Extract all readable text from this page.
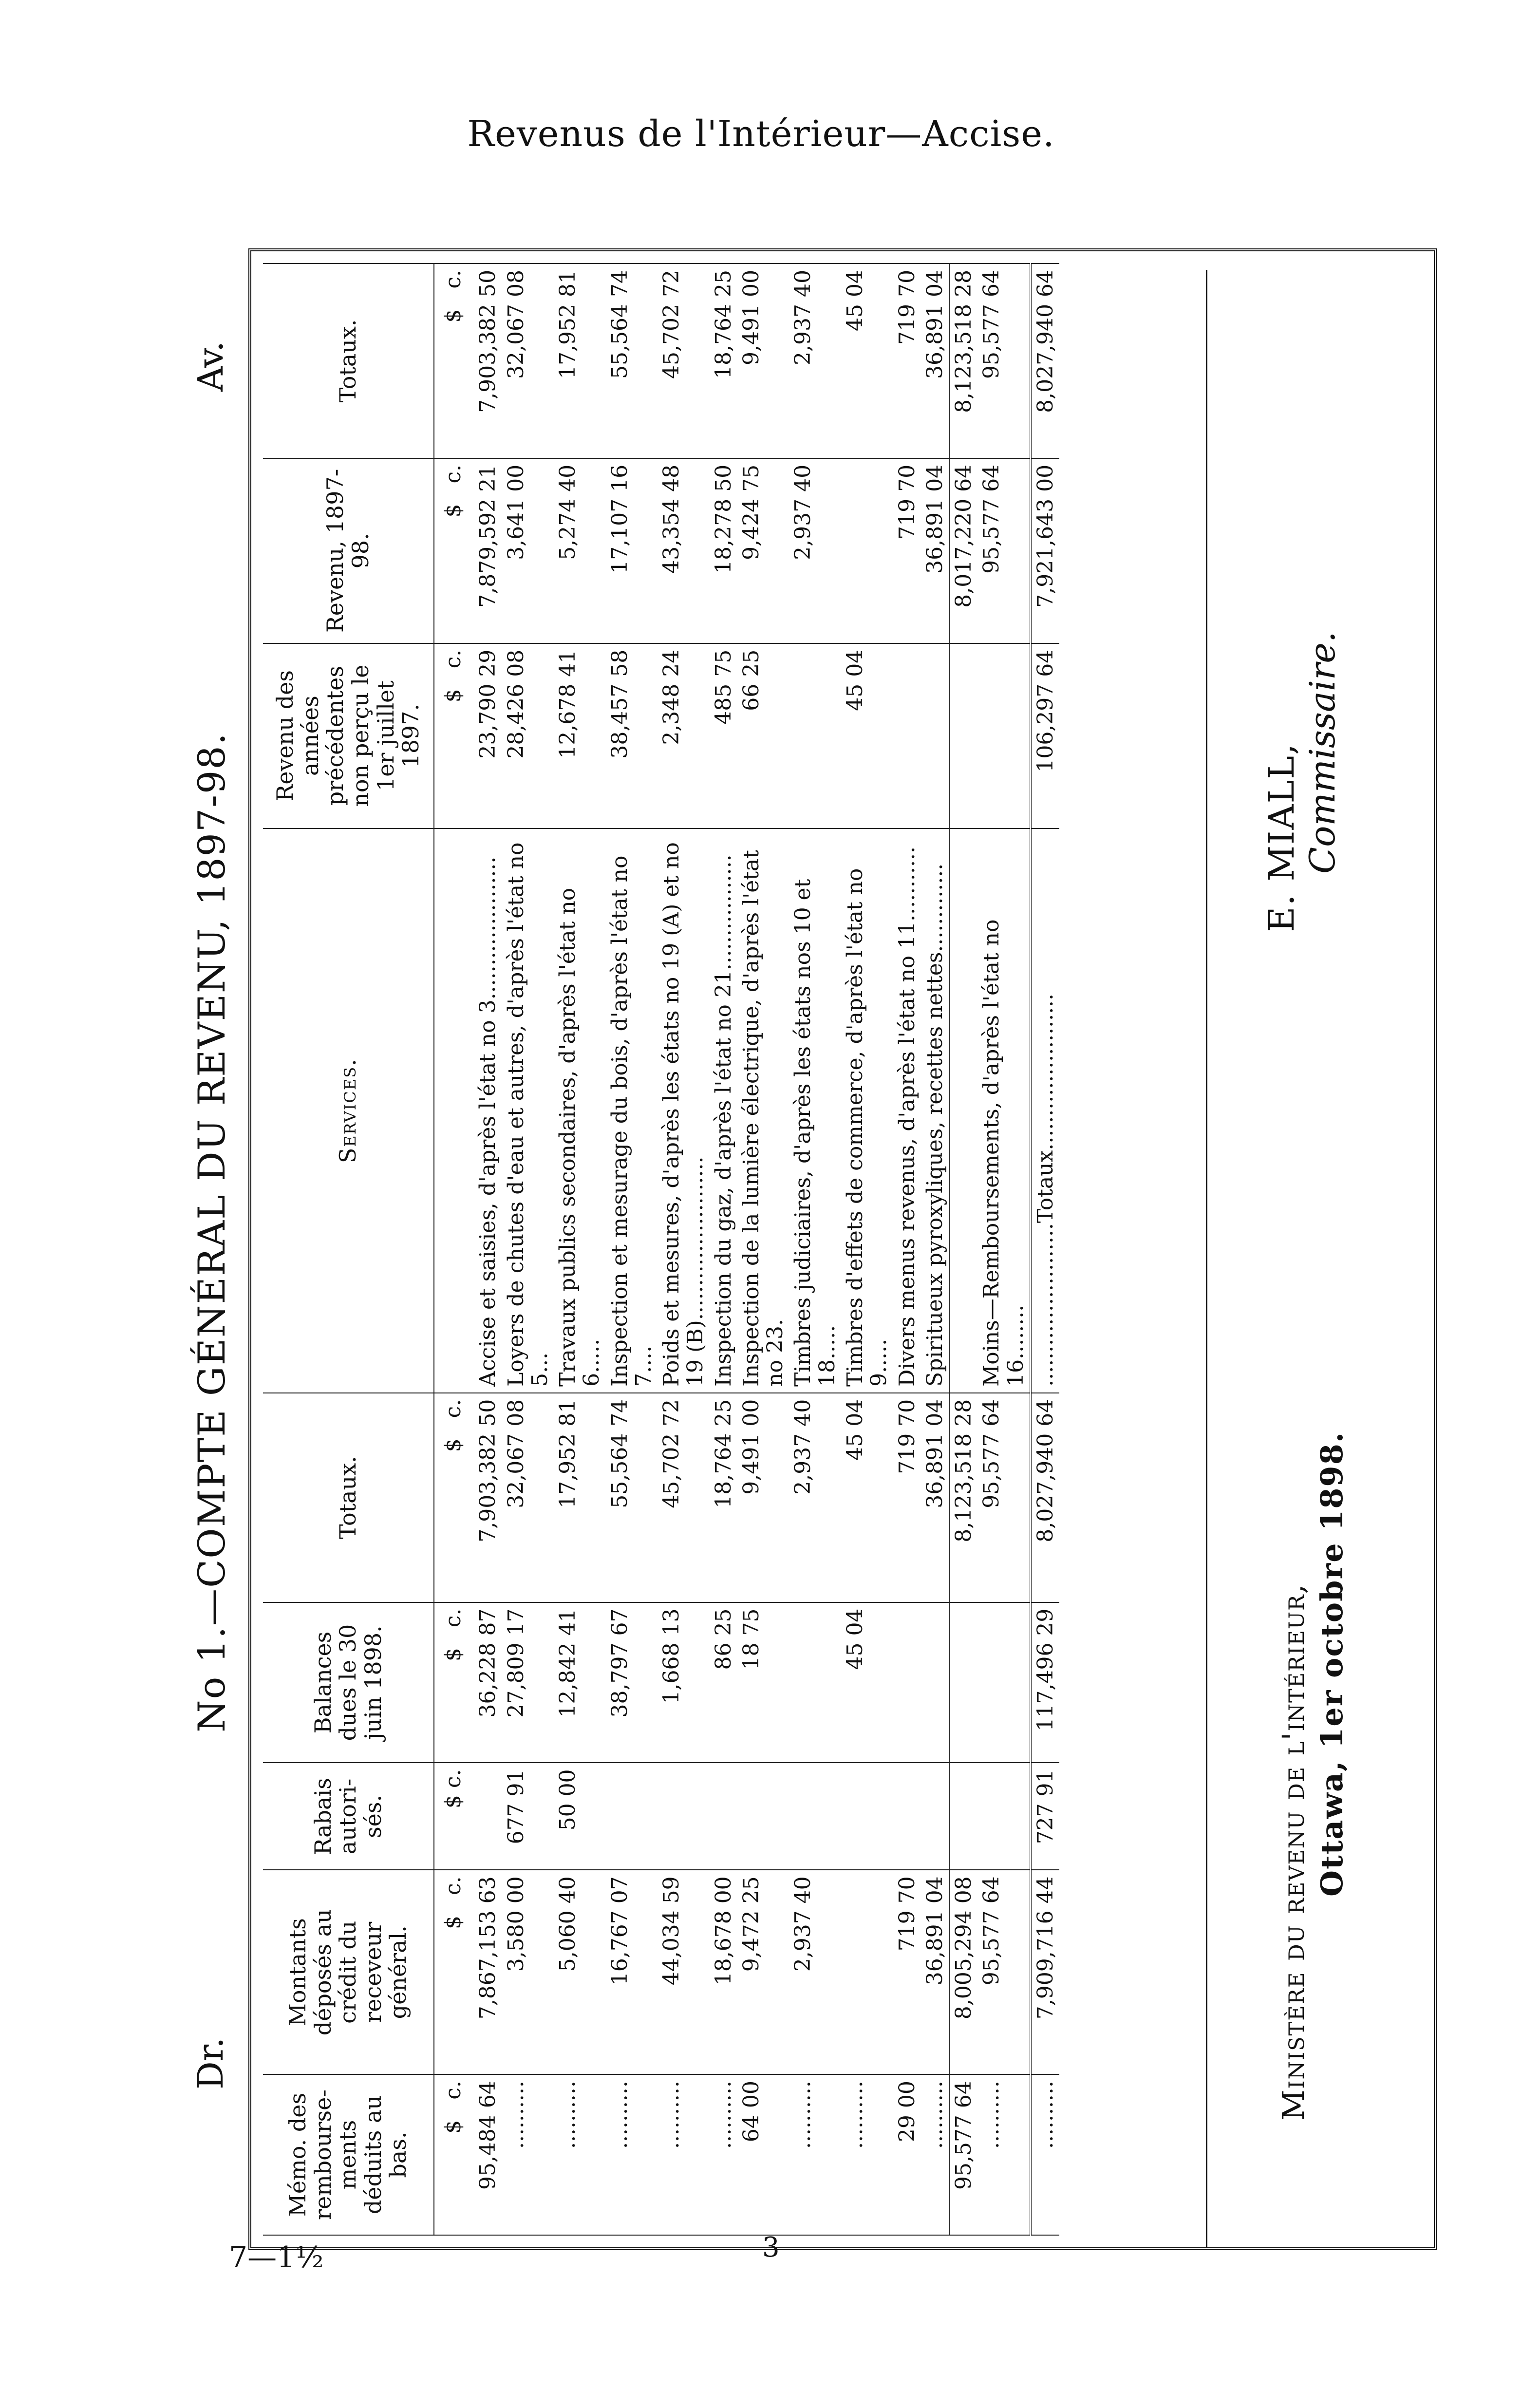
Revenus de l'Intérieur—Accise.
Dr.
No 1.—COMPTE GÉNÉRAL DU REVENU, 1897-98.
Av.
Mémo. des rembourse-ments déduits au bas.	Montants déposés au crédit du receveur général.	Rabais autori-sés.	Balances dues le 30 juin 1898.	Totaux.	Services.	Revenu des années précédentes non perçu le 1er juillet 1897.	Revenu, 1897-98.	Totaux.
$   c.	$   c.	$ c.	$   c.	$   c.		$   c.	$   c.	$   c.
95,484 64	7,867,153 63		36,228 87	7,903,382 50	Accise et saisies, d'après l'état no 3.....................	23,790 29	7,879,592 21	7,903,382 50
..........	3,580 00	677 91	27,809 17	32,067 08	Loyers de chutes d'eau et autres, d'après l'état no 5...	28,426 08	3,641 00	32,067 08
..........	5,060 40	50 00	12,842 41	17,952 81	Travaux publics secondaires, d'après l'état no 6.....	12,678 41	5,274 40	17,952 81
..........	16,767 07		38,797 67	55,564 74	Inspection et mesurage du bois, d'après l'état no 7....	38,457 58	17,107 16	55,564 74
..........	44,034 59		1,668 13	45,702 72	Poids et mesures, d'après les états no 19 (A) et no 19 (B)........................	2,348 24	43,354 48	45,702 72
..........	18,678 00		86 25	18,764 25	Inspection du gaz, d'après l'état no 21.................	485 75	18,278 50	18,764 25
64 00	9,472 25		18 75	9,491 00	Inspection de la lumière électrique, d'après l'état no 23.	66 25	9,424 75	9,491 00
..........	2,937 40			2,937 40	Timbres judiciaires, d'après les états nos 10 et 18.....		2,937 40	2,937 40
..........			45 04	45 04	Timbres d'effets de commerce, d'après l'état no 9.....	45 04		45 04
29 00	719 70			719 70	Divers menus revenus, d'après l'état no 11...........		719 70	719 70
..........	36,891 04			36,891 04	Spiritueux pyroxyliques, recettes nettes.............		36,891 04	36,891 04
95,577 64	8,005,294 08			8,123,518 28			8,017,220 64	8,123,518 28
..........	95,577 64			95,577 64	Moins—Remboursements, d'après l'état no 16........		95,577 64	95,577 64
..........	7,909,716 44	727 91	117,496 29	8,027,940 64	........................Totaux.......................	106,297 64	7,921,643 00	8,027,940 64
Ministère du revenu de l'intérieur, Ottawa, 1er octobre 1898.
E. MIALL, Commissaire.
7—1½	3
